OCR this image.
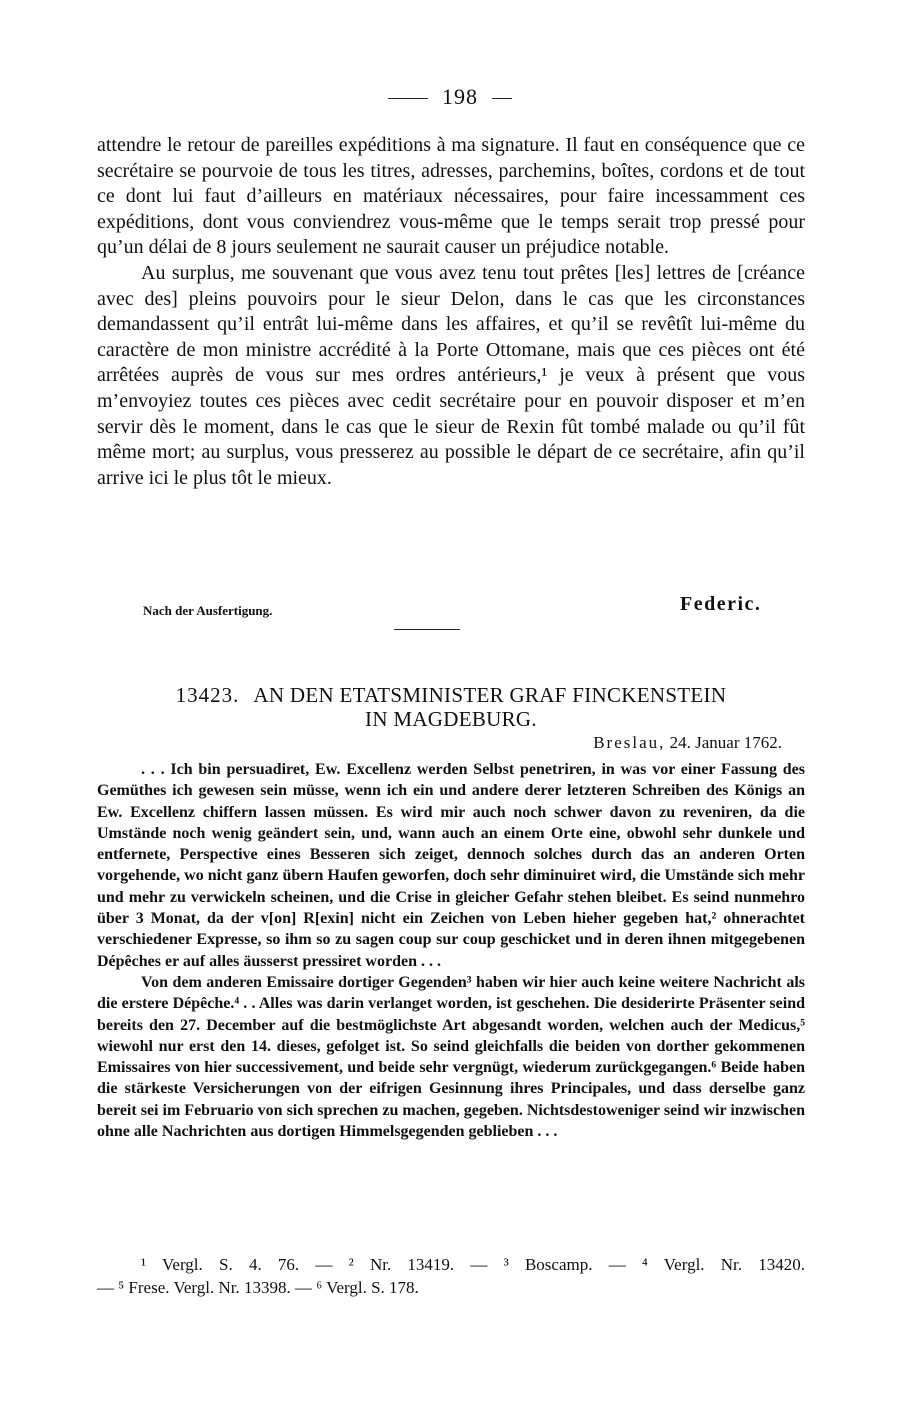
198

attendre le retour de pareilles expéditions à ma signature. Il faut en conséquence que ce secrétaire se pourvoie de tous les titres, adresses, parchemins, boîtes, cordons et de tout ce dont lui faut d’ailleurs en matériaux nécessaires, pour faire incessamment ces expéditions, dont vous conviendrez vous-même que le temps serait trop pressé pour qu’un délai de 8 jours seulement ne saurait causer un préjudice notable.

Au surplus, me souvenant que vous avez tenu tout prêtes [les] lettres de [créance avec des] pleins pouvoirs pour le sieur Delon, dans le cas que les circonstances demandassent qu’il entrât lui-même dans les affaires, et qu’il se revêtît lui-même du caractère de mon ministre accrédité à la Porte Ottomane, mais que ces pièces ont été arrêtées auprès de vous sur mes ordres antérieurs,¹ je veux à présent que vous m’envoyiez toutes ces pièces avec cedit secrétaire pour en pouvoir disposer et m’en servir dès le moment, dans le cas que le sieur de Rexin fût tombé malade ou qu’il fût même mort; au surplus, vous presserez au possible le départ de ce secrétaire, afin qu’il arrive ici le plus tôt le mieux.

Nach der Ausfertigung.	Federic.
13423. AN DEN ETATSMINISTER GRAF FINCKENSTEIN
IN MAGDEBURG.
Breslau, 24. Januar 1762.

. . . Ich bin persuadiret, Ew. Excellenz werden Selbst penetriren, in was vor einer Fassung des Gemüthes ich gewesen sein müsse, wenn ich ein und andere derer letzteren Schreiben des Königs an Ew. Excellenz chiffern lassen müssen. Es wird mir auch noch schwer davon zu reveniren, da die Umstände noch wenig geändert sein, und, wann auch an einem Orte eine, obwohl sehr dunkele und entfernete, Perspective eines Besseren sich zeiget, dennoch solches durch das an anderen Orten vorgehende, wo nicht ganz übern Haufen geworfen, doch sehr diminuiret wird, die Umstände sich mehr und mehr zu verwickeln scheinen, und die Crise in gleicher Gefahr stehen bleibet. Es seind nunmehro über 3 Monat, da der v[on] R[exin] nicht ein Zeichen von Leben hieher gegeben hat,² ohnerachtet verschiedener Expresse, so ihm so zu sagen coup sur coup geschicket und in deren ihnen mitgegebenen Dépêches er auf alles äusserst pressiret worden . . .

Von dem anderen Emissaire dortiger Gegenden³ haben wir hier auch keine weitere Nachricht als die erstere Dépêche.⁴ . . Alles was darin verlanget worden, ist geschehen. Die desiderirte Präsenter seind bereits den 27. December auf die bestmöglichste Art abgesandt worden, welchen auch der Medicus,⁵ wiewohl nur erst den 14. dieses, gefolget ist. So seind gleichfalls die beiden von dorther gekommenen Emissaires von hier successivement, und beide sehr vergnügt, wiederum zurückgegangen.⁶ Beide haben die stärkeste Versicherungen von der eifrigen Gesinnung ihres Principales, und dass derselbe ganz bereit sei im Februario von sich sprechen zu machen, gegeben. Nichtsdestoweniger seind wir inzwischen ohne alle Nachrichten aus dortigen Himmelsgegenden geblieben . . .

¹ Vergl. S. 4. 76. — ² Nr. 13419. — ³ Boscamp. — ⁴ Vergl. Nr. 13420.

— ⁵ Frese. Vergl. Nr. 13398. — ⁶ Vergl. S. 178.
